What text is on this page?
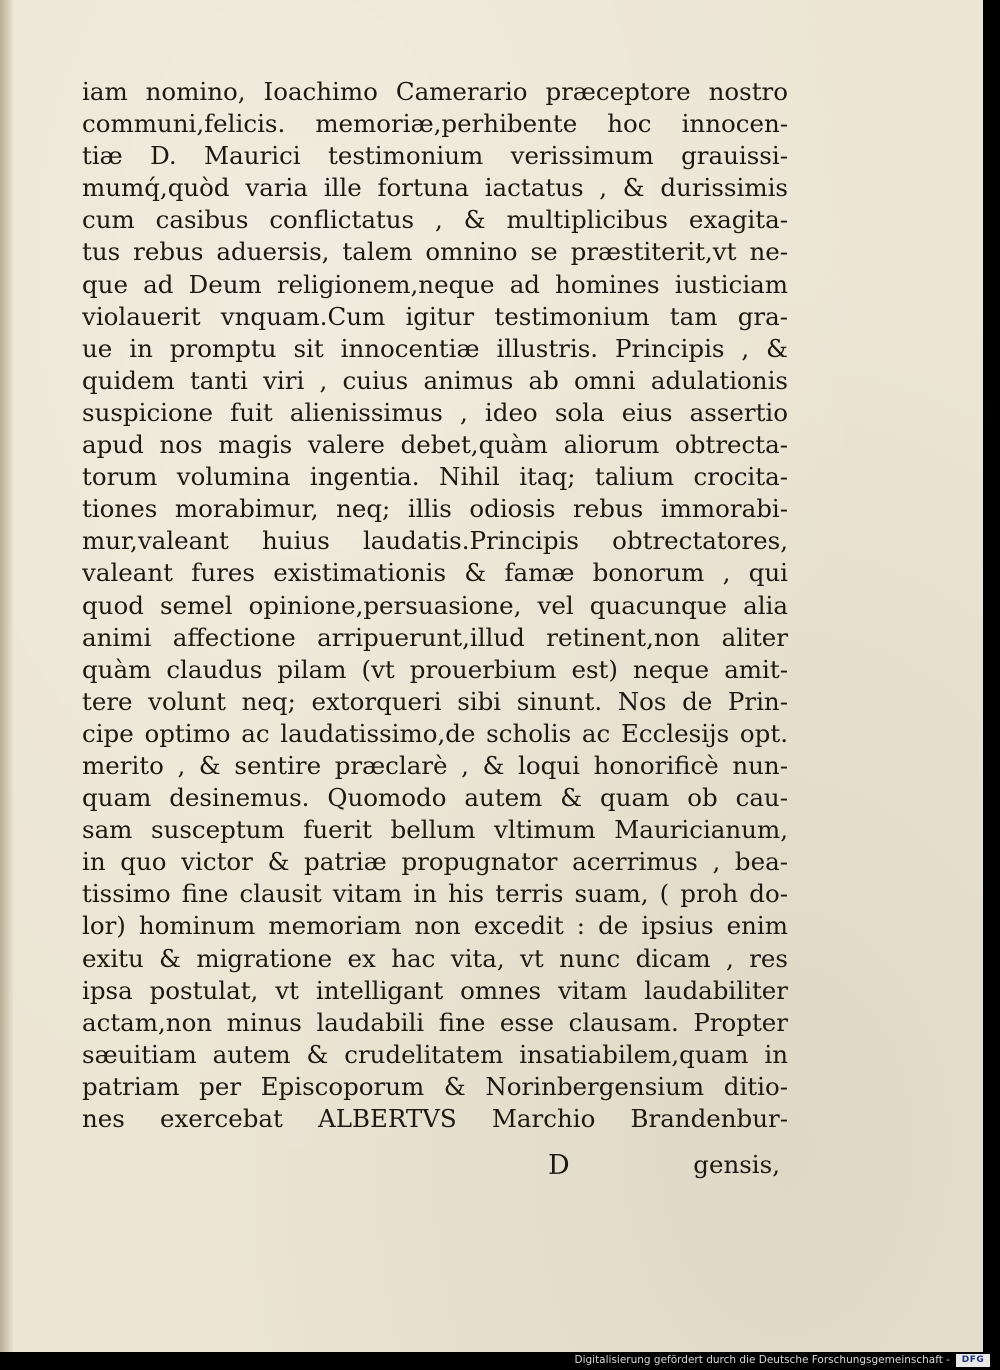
iam nomino, Ioachimo Camerario præceptore nostro
communi,felicis. memoriæ,perhibente hoc innocen-
tiæ D. Maurici testimonium verissimum grauissi-
mumq́,quòd varia ille fortuna iactatus , & durissimis
cum casibus conflictatus , & multiplicibus exagita-
tus rebus aduersis, talem omnino se præstiterit,vt ne-
que ad Deum religionem,neque ad homines iusticiam
violauerit vnquam.Cum igitur testimonium tam gra-
ue in promptu sit innocentiæ illustris. Principis , &
quidem tanti viri , cuius animus ab omni adulationis
suspicione fuit alienissimus , ideo sola eius assertio
apud nos magis valere debet,quàm aliorum obtrecta-
torum volumina ingentia. Nihil itaq; talium crocita-
tiones morabimur, neq; illis odiosis rebus immorabi-
mur,valeant huius laudatis.Principis obtrectatores,
valeant fures existimationis & famæ bonorum , qui
quod semel opinione,persuasione, vel quacunque alia
animi affectione arripuerunt,illud retinent,non aliter
quàm claudus pilam (vt prouerbium est) neque amit-
tere volunt neq; extorqueri sibi sinunt. Nos de Prin-
cipe optimo ac laudatissimo,de scholis ac Ecclesijs opt.
merito , & sentire præclarè , & loqui honorificè nun-
quam desinemus. Quomodo autem & quam ob cau-
sam susceptum fuerit bellum vltimum Mauricianum,
in quo victor & patriæ propugnator acerrimus , bea-
tissimo fine clausit vitam in his terris suam, ( proh do-
lor) hominum memoriam non excedit : de ipsius enim
exitu & migratione ex hac vita, vt nunc dicam , res
ipsa postulat, vt intelligant omnes vitam laudabiliter
actam,non minus laudabili fine esse clausam. Propter
sæuitiam autem & crudelitatem insatiabilem,quam in
patriam per Episcoporum & Norinbergensium ditio-
nes exercebat ALBERTVS Marchio Brandenbur-
D	gensis,
Digitalisierung gefördert durch die Deutsche Forschungsgemeinschaft -	DFG
